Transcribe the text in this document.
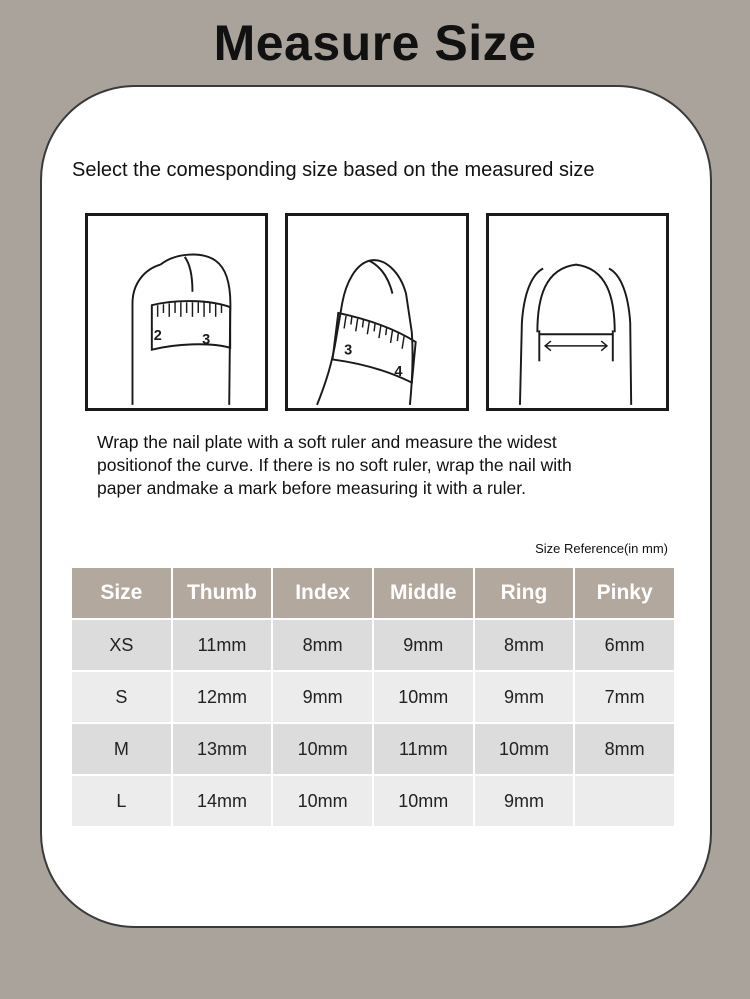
Measure Size
Select the comesponding size based on the measured size
2	3
3
4
Wrap the nail plate with a soft ruler and measure the widest
positionof the curve. If there is no soft ruler, wrap the nail with
paper andmake a mark before measuring it with a ruler.
Size Reference(in mm)
Size	Thumb	Index	Middle	Ring	Pinky
XS	11mm	8mm	9mm	8mm	6mm
S	12mm	9mm	10mm	9mm	7mm
M	13mm	10mm	11mm	10mm	8mm
L	14mm	10mm	10mm	9mm	
